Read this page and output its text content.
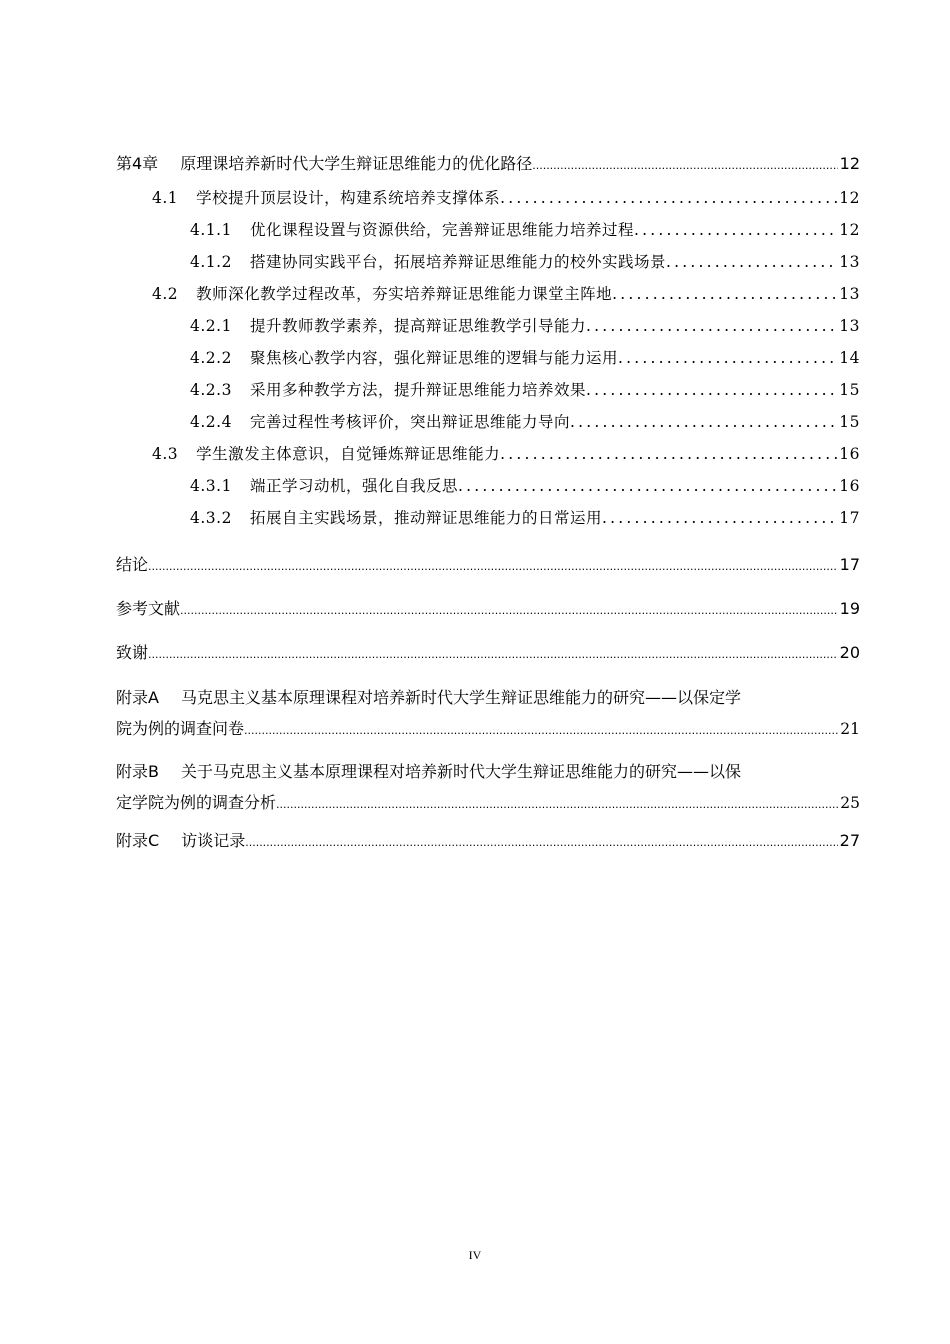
第4章 原理课培养新时代大学生辩证思维能力的优化路径 .....	12
4.1 学校提升顶层设计，构建系统培养支撑体系 .....	12
4.1.1 优化课程设置与资源供给，完善辩证思维能力培养过程 .....	12
4.1.2 搭建协同实践平台，拓展培养辩证思维能力的校外实践场景 .....	13
4.2 教师深化教学过程改革，夯实培养辩证思维能力课堂主阵地 .....	13
4.2.1 提升教师教学素养，提高辩证思维教学引导能力 .....	13
4.2.2 聚焦核心教学内容，强化辩证思维的逻辑与能力运用 .....	14
4.2.3 采用多种教学方法，提升辩证思维能力培养效果 .....	15
4.2.4 完善过程性考核评价，突出辩证思维能力导向 .....	15
4.3 学生激发主体意识，自觉锤炼辩证思维能力 .....	16
4.3.1 端正学习动机，强化自我反思 .....	16
4.3.2 拓展自主实践场景，推动辩证思维能力的日常运用 .....	17
结论 .....	17
参考文献 .....	19
致谢 .....	20
附录A 马克思主义基本原理课程对培养新时代大学生辩证思维能力的研究——以保定学
院为例的调查问卷 .....	21
附录B 关于马克思主义基本原理课程对培养新时代大学生辩证思维能力的研究——以保
定学院为例的调查分析 .....	25
附录C 访谈记录 .....	27
IV
